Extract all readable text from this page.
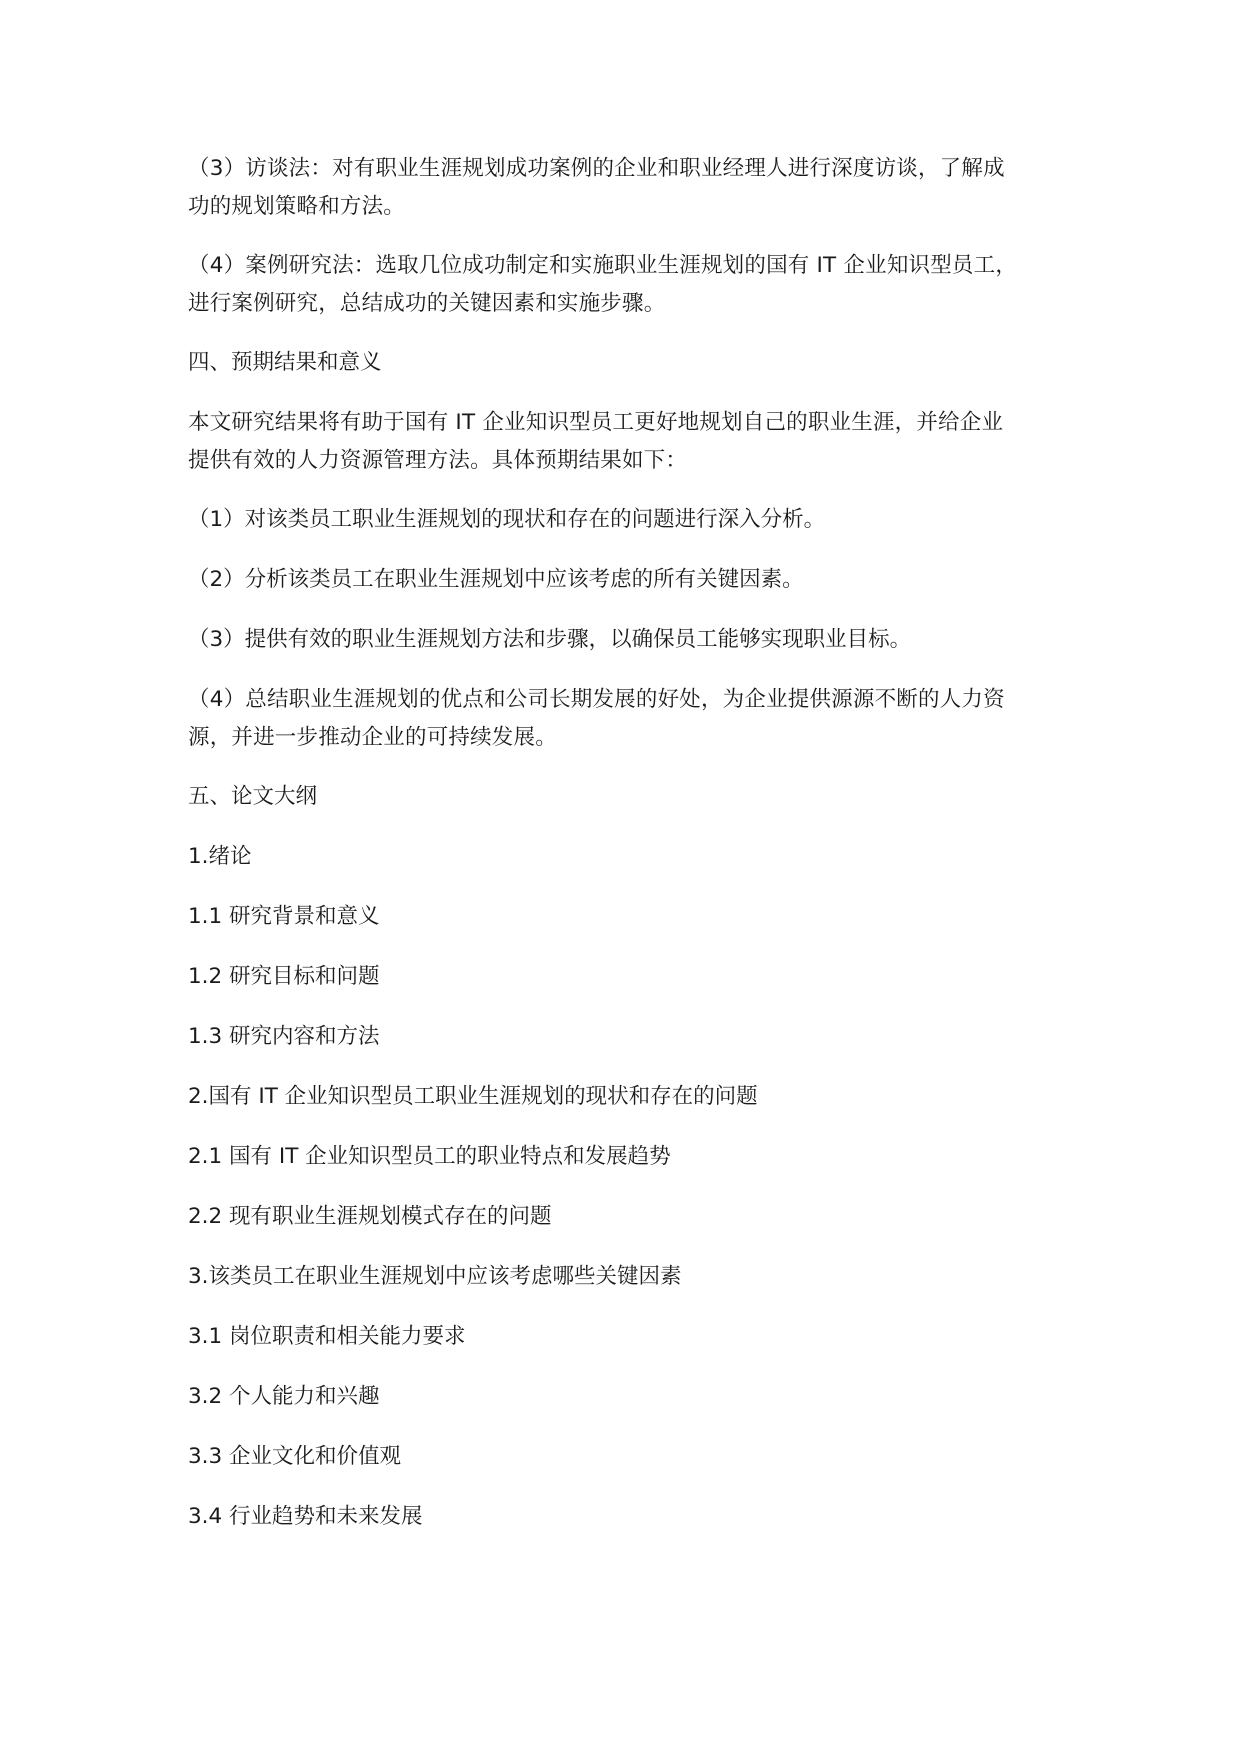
（3）访谈法：对有职业生涯规划成功案例的企业和职业经理人进行深度访谈，了解成
功的规划策略和方法。

（4）案例研究法：选取几位成功制定和实施职业生涯规划的国有 IT 企业知识型员工，
进行案例研究，总结成功的关键因素和实施步骤。

四、预期结果和意义

本文研究结果将有助于国有 IT 企业知识型员工更好地规划自己的职业生涯，并给企业
提供有效的人力资源管理方法。具体预期结果如下：

（1）对该类员工职业生涯规划的现状和存在的问题进行深入分析。

（2）分析该类员工在职业生涯规划中应该考虑的所有关键因素。

（3）提供有效的职业生涯规划方法和步骤，以确保员工能够实现职业目标。

（4）总结职业生涯规划的优点和公司长期发展的好处，为企业提供源源不断的人力资
源，并进一步推动企业的可持续发展。

五、论文大纲

1.绪论

1.1 研究背景和意义

1.2 研究目标和问题

1.3 研究内容和方法

2.国有 IT 企业知识型员工职业生涯规划的现状和存在的问题

2.1 国有 IT 企业知识型员工的职业特点和发展趋势

2.2 现有职业生涯规划模式存在的问题

3.该类员工在职业生涯规划中应该考虑哪些关键因素

3.1 岗位职责和相关能力要求

3.2 个人能力和兴趣

3.3 企业文化和价值观

3.4 行业趋势和未来发展
